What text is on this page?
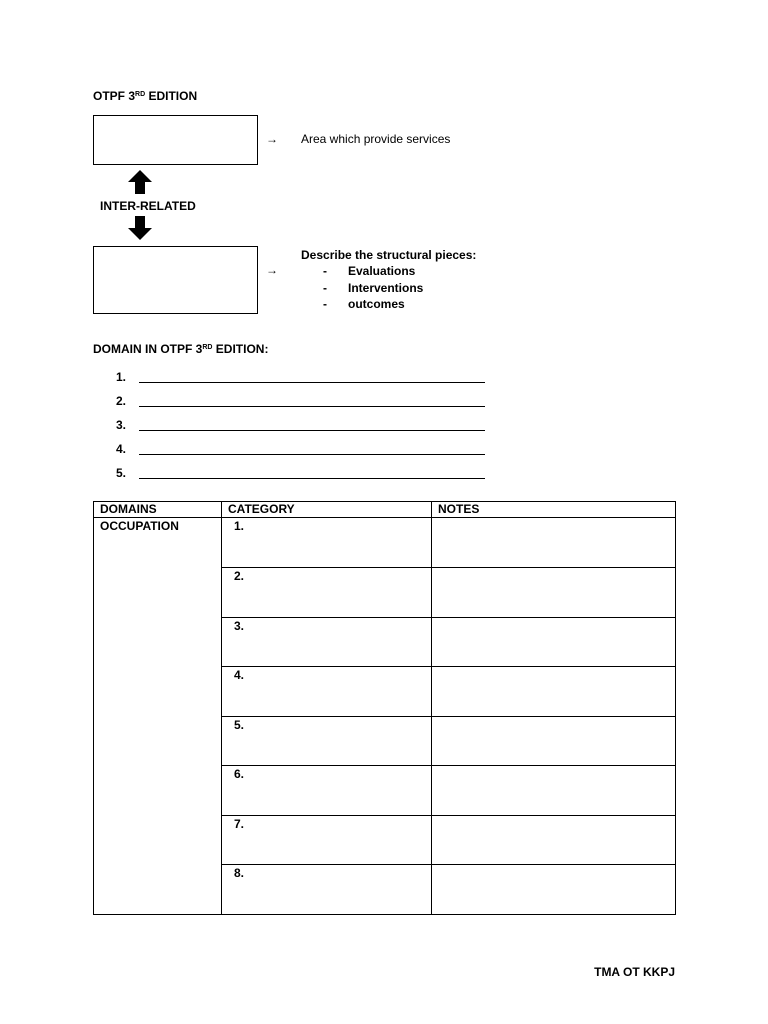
OTPF 3RD EDITION
→ Area which provide services
INTER-RELATED
→
Describe the structural pieces:
- Evaluations
- Interventions
- outcomes
DOMAIN IN OTPF 3RD EDITION:
1.
2.
3.
4.
5.
DOMAINS	CATEGORY	NOTES
OCCUPATION	1.	
	2.	
	3.	
	4.	
	5.	
	6.	
	7.	
	8.	
TMA OT KKPJ
